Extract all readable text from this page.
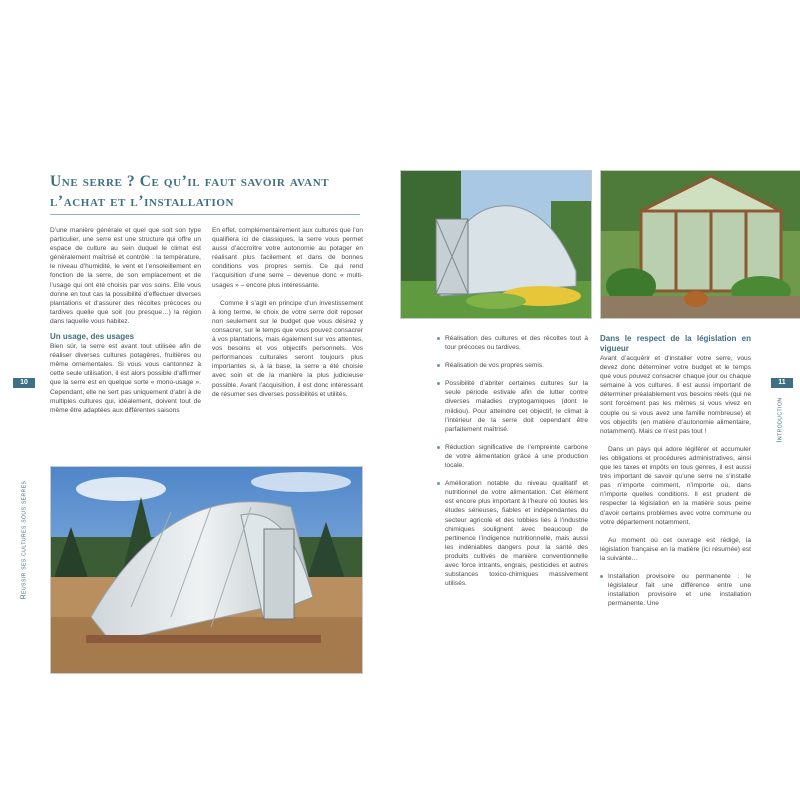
10
Réussir ses cultures sous serres
Une serre ? Ce qu’il faut savoir avant
l’achat et l’installation

D’une manière générale et quel que soit son type particulier, une serre est une structure qui offre un espace de culture au sein duquel le climat est généralement maîtrisé et contrôlé : la température, le niveau d’humidité, le vent et l’ensoleillement en fonction de la serre, de son emplacement et de l’usage qui ont été choisis par vos soins. Elle vous donne en tout cas la possibilité d’effectuer diverses plantations et d’assurer des récoltes précoces ou tardives quelle que soit (ou presque…) la région dans laquelle vous habitez.

Un usage, des usages

Bien sûr, la serre est avant tout utilisée afin de réaliser diverses cultures potagères, fruitières ou même ornementales. Si vous vous cantonnez à cette seule utilisation, il est alors possible d’affirmer que la serre est en quelque sorte « mono-usage ». Cependant, elle ne sert pas uniquement d’abri à de multiples cultures qui, idéalement, doivent tout de même être adaptées aux différentes saisons

En effet, complémentairement aux cultures que l’on qualifiera ici de classiques, la serre vous permet aussi d’accroître votre autonomie au potager en réalisant plus facilement et dans de bonnes conditions vos propres semis. Ce qui rend l’acquisition d’une serre – devenue donc « multi-usages » – encore plus intéressante.

Comme il s’agit en principe d’un investissement à long terme, le choix de votre serre doit reposer non seulement sur le budget que vous désirez y consacrer, sur le temps que vous pouvez consacrer à vos plantations, mais également sur vos attentes, vos besoins et vos objectifs personnels. Vos performances culturales seront toujours plus importantes si, à la base, la serre a été choisie avec soin et de la manière la plus judicieuse possible. Avant l’acquisition, il est donc intéressant de résumer ses diverses possibilités et utilités.

11
Introduction

Réalisation des cultures et des récoltes tout à tour précoces ou tardives.

Réalisation de vos propres semis.

Possibilité d’abriter certaines cultures sur la seule période estivale afin de lutter contre diverses maladies cryptogamiques (dont le mildiou). Pour atteindre cet objectif, le climat à l’intérieur de la serre doit cependant être parfaitement maîtrisé.

Réduction significative de l’empreinte carbone de votre alimentation grâce à une production locale.

Amélioration notable du niveau qualitatif et nutritionnel de votre alimentation. Cet élément est encore plus important à l’heure où toutes les études sérieuses, fiables et indépendantes du secteur agricole et des lobbies liés à l’industrie chimiques soulignent avec beaucoup de pertinence l’indigence nutritionnelle, mais aussi les indéniables dangers pour la santé des produits cultivés de manière conventionnelle avec force intrants, engrais, pesticides et autres substances toxico-chimiques massivement utilisés.

Dans le respect de la législation en vigueur

Avant d’acquérir et d’installer votre serre, vous devez donc déterminer votre budget et le temps que vous pouvez consacrer chaque jour ou chaque semaine à vos cultures. Il est aussi important de déterminer préalablement vos besoins réels (qui ne sont forcément pas les mêmes si vous vivez en couple ou si vous avez une famille nombreuse) et vos objectifs (en matière d’autonomie alimentaire, notamment). Mais ce n’est pas tout !

Dans un pays qui adore légiférer et accumuler les obligations et procédures administratives, ainsi que les taxes et impôts en tous genres, il est aussi très important de savoir qu’une serre ne s’installe pas n’importe comment, n’importe où, dans n’importe quelles conditions. Il est prudent de respecter la législation en la matière sous peine d’avoir certains problèmes avec votre commune ou votre département notamment.

Au moment où cet ouvrage est rédigé, la législation française en la matière (ici résumée) est la suivante…

Installation provisoire ou permanente : le législateur fait une différence entre une installation provisoire et une installation permanente. Une
